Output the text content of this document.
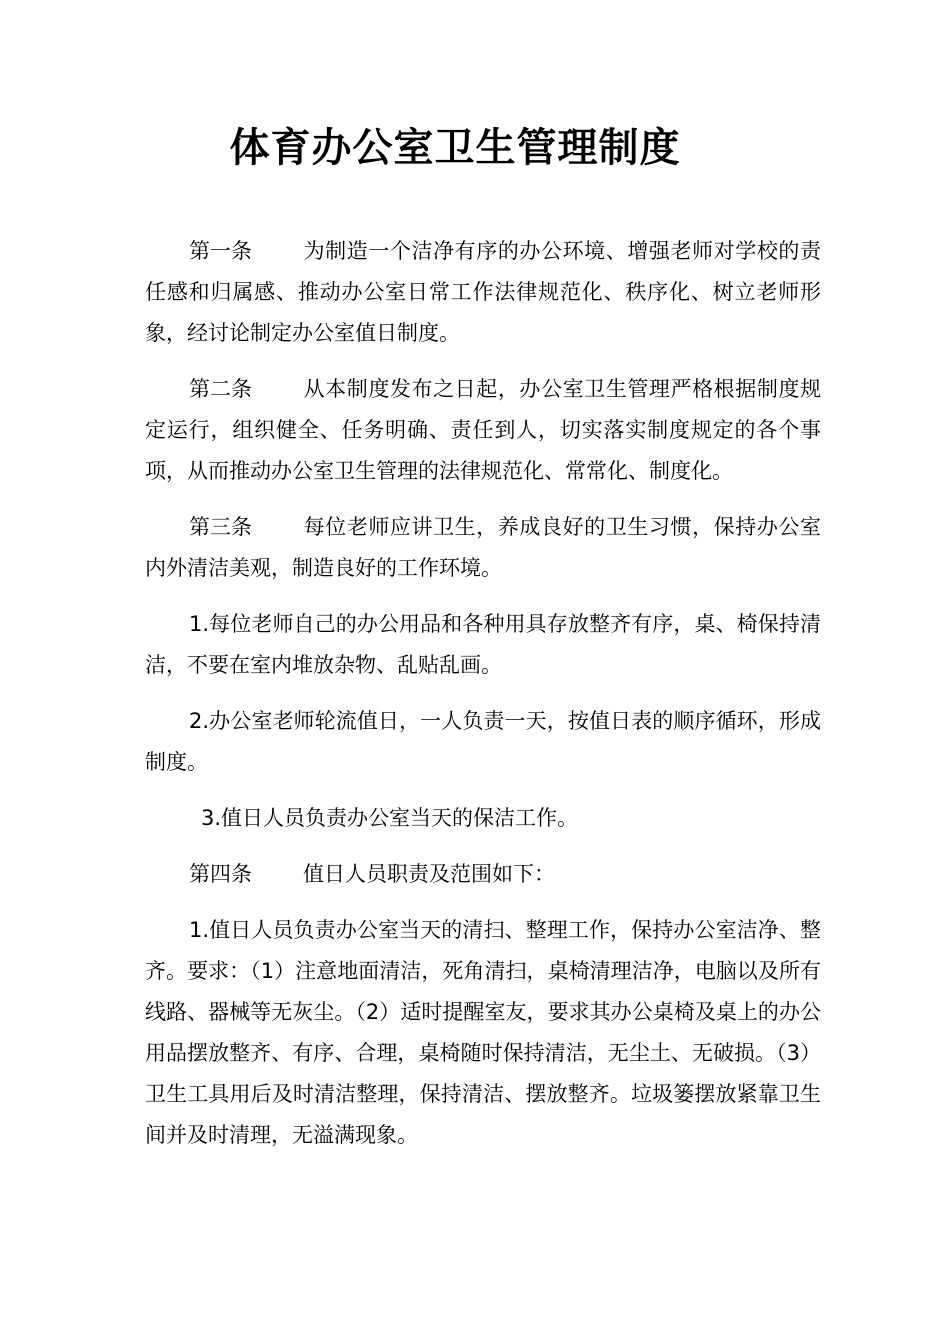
体育办公室卫生管理制度

第一条 为制造一个洁净有序的办公环境、增强老师对学校的责任感和归属感、推动办公室日常工作法律规范化、秩序化、树立老师形象，经讨论制定办公室值日制度。

第二条 从本制度发布之日起，办公室卫生管理严格根据制度规定运行，组织健全、任务明确、责任到人，切实落实制度规定的各个事项，从而推动办公室卫生管理的法律规范化、常常化、制度化。

第三条 每位老师应讲卫生，养成良好的卫生习惯，保持办公室内外清洁美观，制造良好的工作环境。

1.每位老师自己的办公用品和各种用具存放整齐有序，桌、椅保持清洁，不要在室内堆放杂物、乱贴乱画。

2.办公室老师轮流值日，一人负责一天，按值日表的顺序循环，形成制度。

3.值日人员负责办公室当天的保洁工作。

第四条 值日人员职责及范围如下：

1.值日人员负责办公室当天的清扫、整理工作，保持办公室洁净、整齐。要求：（1）注意地面清洁，死角清扫，桌椅清理洁净，电脑以及所有线路、器械等无灰尘。（2）适时提醒室友，要求其办公桌椅及桌上的办公用品摆放整齐、有序、合理，桌椅随时保持清洁，无尘土、无破损。（3）卫生工具用后及时清洁整理，保持清洁、摆放整齐。垃圾篓摆放紧靠卫生间并及时清理，无溢满现象。
